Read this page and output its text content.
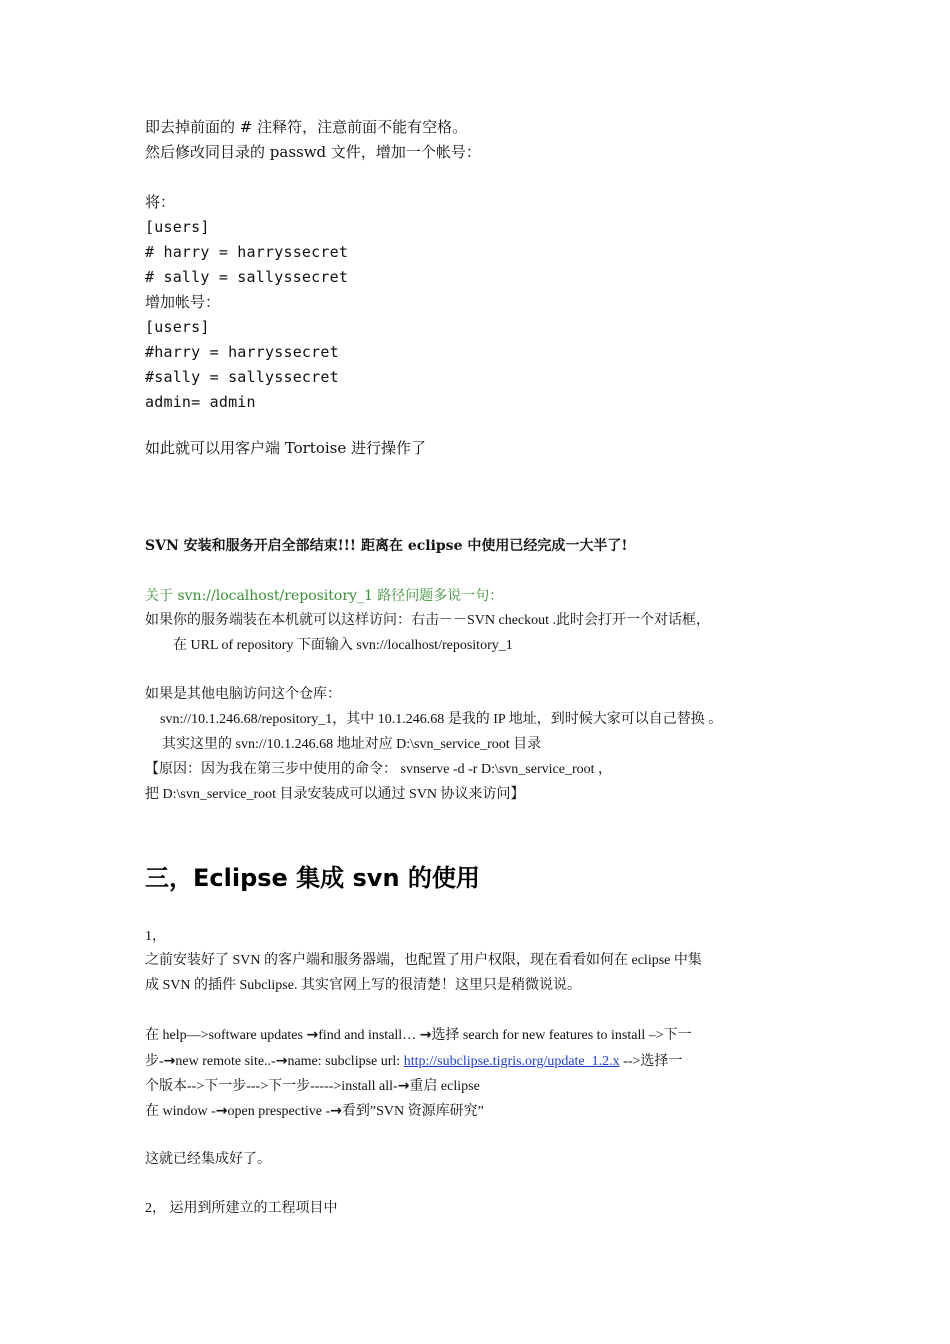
即去掉前面的 # 注释符，注意前面不能有空格。
然后修改同目录的 passwd 文件，增加一个帐号：
将：
[users]
# harry = harryssecret
# sally = sallyssecret
增加帐号：
[users]
#harry = harryssecret
#sally = sallyssecret
admin= admin
如此就可以用客户端 Tortoise 进行操作了
SVN 安装和服务开启全部结束!!! 距离在 eclipse 中使用已经完成一大半了!
关于 svn://localhost/repository_1 路径问题多说一句：
如果你的服务端装在本机就可以这样访问：右击－－SVN checkout .此时会打开一个对话框，
在 URL of repository 下面输入 svn://localhost/repository_1
如果是其他电脑访问这个仓库：
svn://10.1.246.68/repository_1，其中 10.1.246.68 是我的 IP 地址，到时候大家可以自己替换 。
其实这里的 svn://10.1.246.68 地址对应 D:\svn_service_root 目录
【原因：因为我在第三步中使用的命令： svnserve -d -r D:\svn_service_root ，
把 D:\svn_service_root 目录安装成可以通过 SVN 协议来访问】
三，Eclipse 集成 svn 的使用
1，
之前安装好了 SVN 的客户端和服务器端，也配置了用户权限，现在看看如何在 eclipse 中集
成 SVN 的插件 Subclipse. 其实官网上写的很清楚！这里只是稍微说说。
在 help—>software updates →find and install… →选择 search for new features to install –>下一
步-→new remote site..-→name: subclipse url: http://subclipse.tigris.org/update_1.2.x -->选择一
个版本-->下一步--->下一步----->install all-→重启 eclipse
在 window -→open prespective -→看到”SVN 资源库研究”
这就已经集成好了。
2， 运用到所建立的工程项目中
